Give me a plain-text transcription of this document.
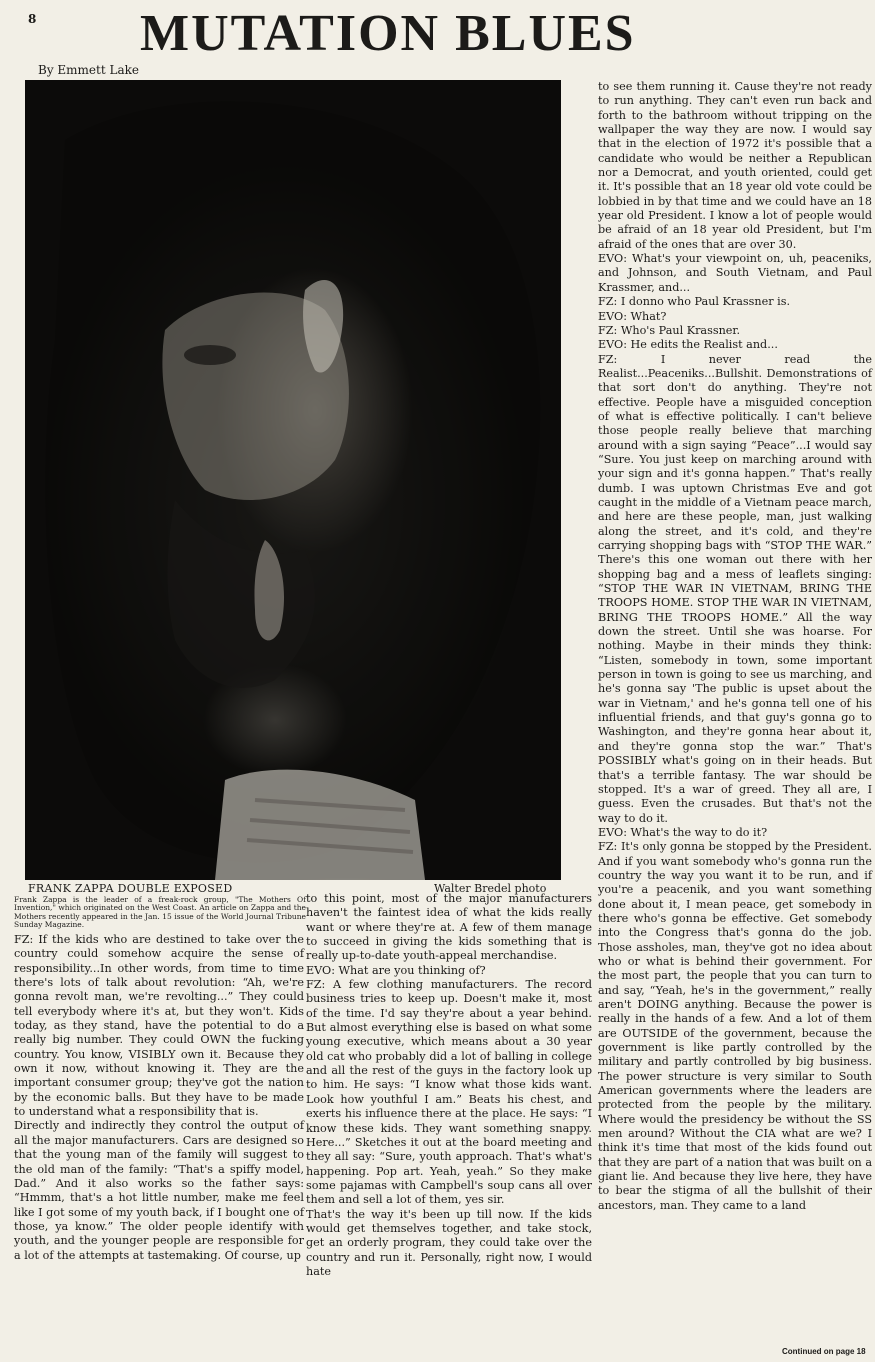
8 MUTATION BLUES
By Emmett Lake
FRANK ZAPPA DOUBLE EXPOSED	Walter Bredel photo
Frank Zappa is the leader of a freak-rock group, "The Mothers Of Invention," which originated on the West Coast. An article on Zappa and the Mothers recently appeared in the Jan. 15 issue of the World Journal Tribune Sunday Magazine.
FZ: If the kids who are destined to take over the country could somehow acquire the sense of responsibility...In other words, from time to time there's lots of talk about revolution: “Ah, we're gonna revolt man, we're revolting...” They could tell everybody where it's at, but they won't. Kids today, as they stand, have the potential to do a really big number. They could OWN the fucking country. You know, VISIBLY own it. Because they own it now, without knowing it. They are the important consumer group; they've got the nation by the economic balls. But they have to be made to understand what a responsibility that is.
Directly and indirectly they control the output of all the major manufacturers. Cars are designed so that the young man of the family will suggest to the old man of the family: “That's a spiffy model, Dad.” And it also works so the father says: “Hmmm, that's a hot little number, make me feel like I got some of my youth back, if I bought one of those, ya know.” The older people identify with youth, and the younger people are responsible for a lot of the attempts at tastemaking. Of course, up
to this point, most of the major manufacturers haven't the faintest idea of what the kids really want or where they're at. A few of them manage to succeed in giving the kids something that is really up-to-date youth-appeal merchandise.
EVO: What are you thinking of?
FZ: A few clothing manufacturers. The record business tries to keep up. Doesn't make it, most of the time. I'd say they're about a year behind. But almost everything else is based on what some young executive, which means about a 30 year old cat who probably did a lot of balling in college and all the rest of the guys in the factory look up to him. He says: “I know what those kids want. Look how youthful I am.” Beats his chest, and exerts his influence there at the place. He says: “I know these kids. They want something snappy. Here...” Sketches it out at the board meeting and they all say: “Sure, youth approach. That's what's happening. Pop art. Yeah, yeah.” So they make some pajamas with Campbell's soup cans all over them and sell a lot of them, yes sir.
That's the way it's been up till now. If the kids would get themselves together, and take stock, get an orderly program, they could take over the country and run it. Personally, right now, I would hate
to see them running it. Cause they're not ready to run anything. They can't even run back and forth to the bathroom without tripping on the wallpaper the way they are now. I would say that in the election of 1972 it's possible that a candidate who would be neither a Republican nor a Democrat, and youth oriented, could get it. It's possible that an 18 year old vote could be lobbied in by that time and we could have an 18 year old President. I know a lot of people would be afraid of an 18 year old President, but I'm afraid of the ones that are over 30.
EVO: What's your viewpoint on, uh, peaceniks, and Johnson, and South Vietnam, and Paul Krassmer, and...
FZ: I donno who Paul Krassner is.
EVO: What?
FZ: Who's Paul Krassner.
EVO: He edits the Realist and...
FZ: I never read the Realist...Peaceniks...Bullshit. Demonstrations of that sort don't do anything. They're not effective. People have a misguided conception of what is effective politically. I can't believe those people really believe that marching around with a sign saying “Peace”...I would say “Sure. You just keep on marching around with your sign and it's gonna happen.” That's really dumb. I was uptown Christmas Eve and got caught in the middle of a Vietnam peace march, and here are these people, man, just walking along the street, and it's cold, and they're carrying shopping bags with “STOP THE WAR.” There's this one woman out there with her shopping bag and a mess of leaflets singing: “STOP THE WAR IN VIETNAM, BRING THE TROOPS HOME. STOP THE WAR IN VIETNAM, BRING THE TROOPS HOME.” All the way down the street. Until she was hoarse. For nothing. Maybe in their minds they think: “Listen, somebody in town, some important person in town is going to see us marching, and he's gonna say 'The public is upset about the war in Vietnam,' and he's gonna tell one of his influential friends, and that guy's gonna go to Washington, and they're gonna hear about it, and they're gonna stop the war.” That's POSSIBLY what's going on in their heads. But that's a terrible fantasy. The war should be stopped. It's a war of greed. They all are, I guess. Even the crusades. But that's not the way to do it.
EVO: What's the way to do it?
FZ: It's only gonna be stopped by the President. And if you want somebody who's gonna run the country the way you want it to be run, and if you're a peacenik, and you want something done about it, I mean peace, get somebody in there who's gonna be effective. Get somebody into the Congress that's gonna do the job. Those assholes, man, they've got no idea about who or what is behind their government. For the most part, the people that you can turn to and say, “Yeah, he's in the government,” really aren't DOING anything. Because the power is really in the hands of a few. And a lot of them are OUTSIDE of the government, because the government is like partly controlled by the military and partly controlled by big business. The power structure is very similar to South American governments where the leaders are protected from the people by the military. Where would the presidency be without the SS men around? Without the CIA what are we? I think it's time that most of the kids found out that they are part of a nation that was built on a giant lie. And because they live here, they have to bear the stigma of all the bullshit of their ancestors, man. They came to a land
Continued on page 18
